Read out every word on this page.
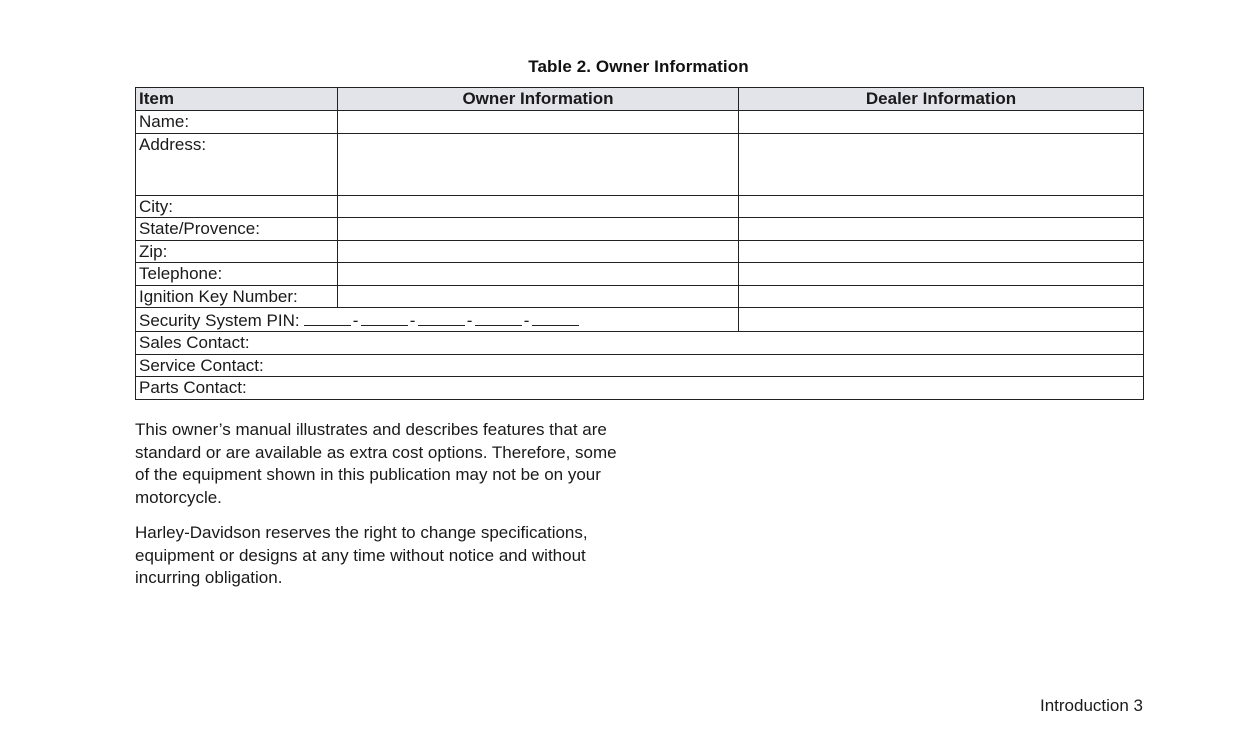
Table 2. Owner Information
Item	Owner Information	Dealer Information
Name:		
Address:		
City:		
State/Provence:		
Zip:		
Telephone:		
Ignition Key Number:		
Security System PIN: - - - -		
Sales Contact:		
Service Contact:		
Parts Contact:		

This owner’s manual illustrates and describes features that are standard or are available as extra cost options. Therefore, some of the equipment shown in this publication may not be on your motorcycle.

Harley-Davidson reserves the right to change specifications, equipment or designs at any time without notice and without incurring obligation.

Introduction 3
